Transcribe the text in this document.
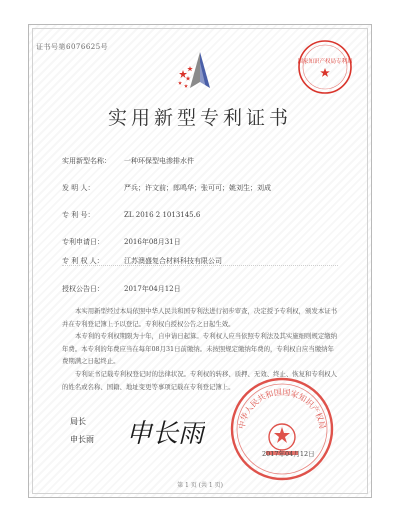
证书号第6076625号
国家知识产权局专利局
实用新型专利证书
实用新型名称： 一种环保型电渗排水件
发 明 人：	严兵；许文前；郎鸣华；张可可；姚刘生；刘成
专 利 号：	ZL 2016 2 1013145.6
专利申请日：	2016年08月31日
专 利 权 人：	江苏澳盛复合材料科技有限公司
授权公告日：	2017年04月12日

本实用新型经过本局依照中华人民共和国专利法进行初步审查，决定授予专利权，颁发本证书并在专利登记簿上予以登记。专利权自授权公告之日起生效。

本专利的专利权期限为十年，自申请日起算。专利权人应当依照专利法及其实施细则规定缴纳年费。本专利的年费应当在每年08月31日前缴纳。未按照规定缴纳年费的，专利权自应当缴纳年费期满之日起终止。

专利证书记载专利权登记时的法律状况。专利权的转移、质押、无效、终止、恢复和专利权人的姓名或名称、国籍、地址变更等事项记载在专利登记簿上。

局长
申长雨 申长雨	中华人民共和国国家知识产权局
2017年04月12日
第 1 页 (共 1 页)
